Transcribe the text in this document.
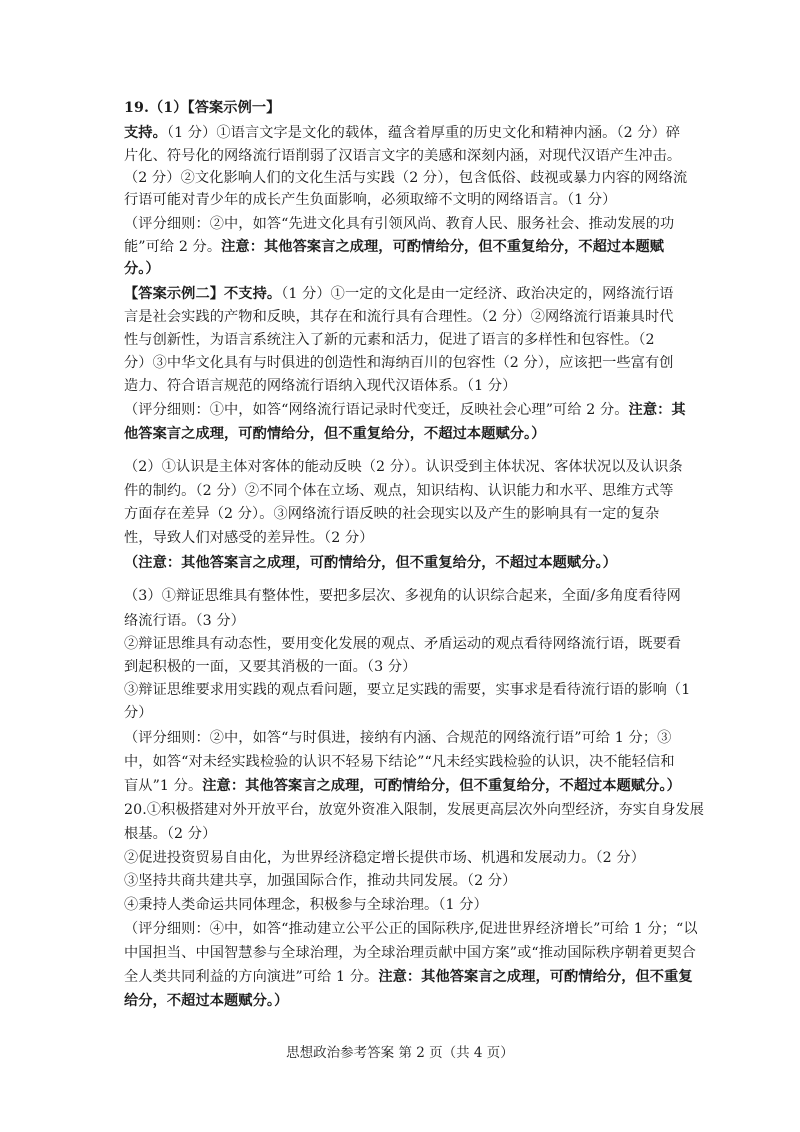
19.（1）【答案示例一】
支持。（1 分）①语言文字是文化的载体，蕴含着厚重的历史文化和精神内涵。（2 分）碎
片化、符号化的网络流行语削弱了汉语言文字的美感和深刻内涵，对现代汉语产生冲击。
（2 分）②文化影响人们的文化生活与实践（2 分），包含低俗、歧视或暴力内容的网络流
行语可能对青少年的成长产生负面影响，必须取缔不文明的网络语言。（1 分）
（评分细则：②中，如答“先进文化具有引领风尚、教育人民、服务社会、推动发展的功
能”可给 2 分。注意：其他答案言之成理，可酌情给分，但不重复给分，不超过本题赋
分。）
【答案示例二】不支持。（1 分）①一定的文化是由一定经济、政治决定的，网络流行语
言是社会实践的产物和反映，其存在和流行具有合理性。（2 分）②网络流行语兼具时代
性与创新性，为语言系统注入了新的元素和活力，促进了语言的多样性和包容性。（2
分）③中华文化具有与时俱进的创造性和海纳百川的包容性（2 分），应该把一些富有创
造力、符合语言规范的网络流行语纳入现代汉语体系。（1 分）
（评分细则：①中，如答“网络流行语记录时代变迁，反映社会心理”可给 2 分。注意：其
他答案言之成理，可酌情给分，但不重复给分，不超过本题赋分。）
（2）①认识是主体对客体的能动反映（2 分）。认识受到主体状况、客体状况以及认识条
件的制约。（2 分）②不同个体在立场、观点，知识结构、认识能力和水平、思维方式等
方面存在差异（2 分）。③网络流行语反映的社会现实以及产生的影响具有一定的复杂
性，导致人们对感受的差异性。（2 分）
（注意：其他答案言之成理，可酌情给分，但不重复给分，不超过本题赋分。）
（3）①辩证思维具有整体性，要把多层次、多视角的认识综合起来，全面/多角度看待网
络流行语。（3 分）
②辩证思维具有动态性，要用变化发展的观点、矛盾运动的观点看待网络流行语，既要看
到起积极的一面，又要其消极的一面。（3 分）
③辩证思维要求用实践的观点看问题，要立足实践的需要，实事求是看待流行语的影响（1
分）
（评分细则：②中，如答“与时俱进，接纳有内涵、合规范的网络流行语”可给 1 分；③
中，如答“对未经实践检验的认识不轻易下结论”“凡未经实践检验的认识，决不能轻信和
盲从”1 分。注意：其他答案言之成理，可酌情给分，但不重复给分，不超过本题赋分。）
20.①积极搭建对外开放平台，放宽外资准入限制，发展更高层次外向型经济，夯实自身发展
根基。（2 分）
②促进投资贸易自由化，为世界经济稳定增长提供市场、机遇和发展动力。（2 分）
③坚持共商共建共享，加强国际合作，推动共同发展。（2 分）
④秉持人类命运共同体理念，积极参与全球治理。（1 分）
（评分细则：④中，如答“推动建立公平公正的国际秩序,促进世界经济增长”可给 1 分；“以
中国担当、中国智慧参与全球治理，为全球治理贡献中国方案”或“推动国际秩序朝着更契合
全人类共同利益的方向演进”可给 1 分。注意：其他答案言之成理，可酌情给分，但不重复
给分，不超过本题赋分。）
思想政治参考答案 第 2 页（共 4 页）
